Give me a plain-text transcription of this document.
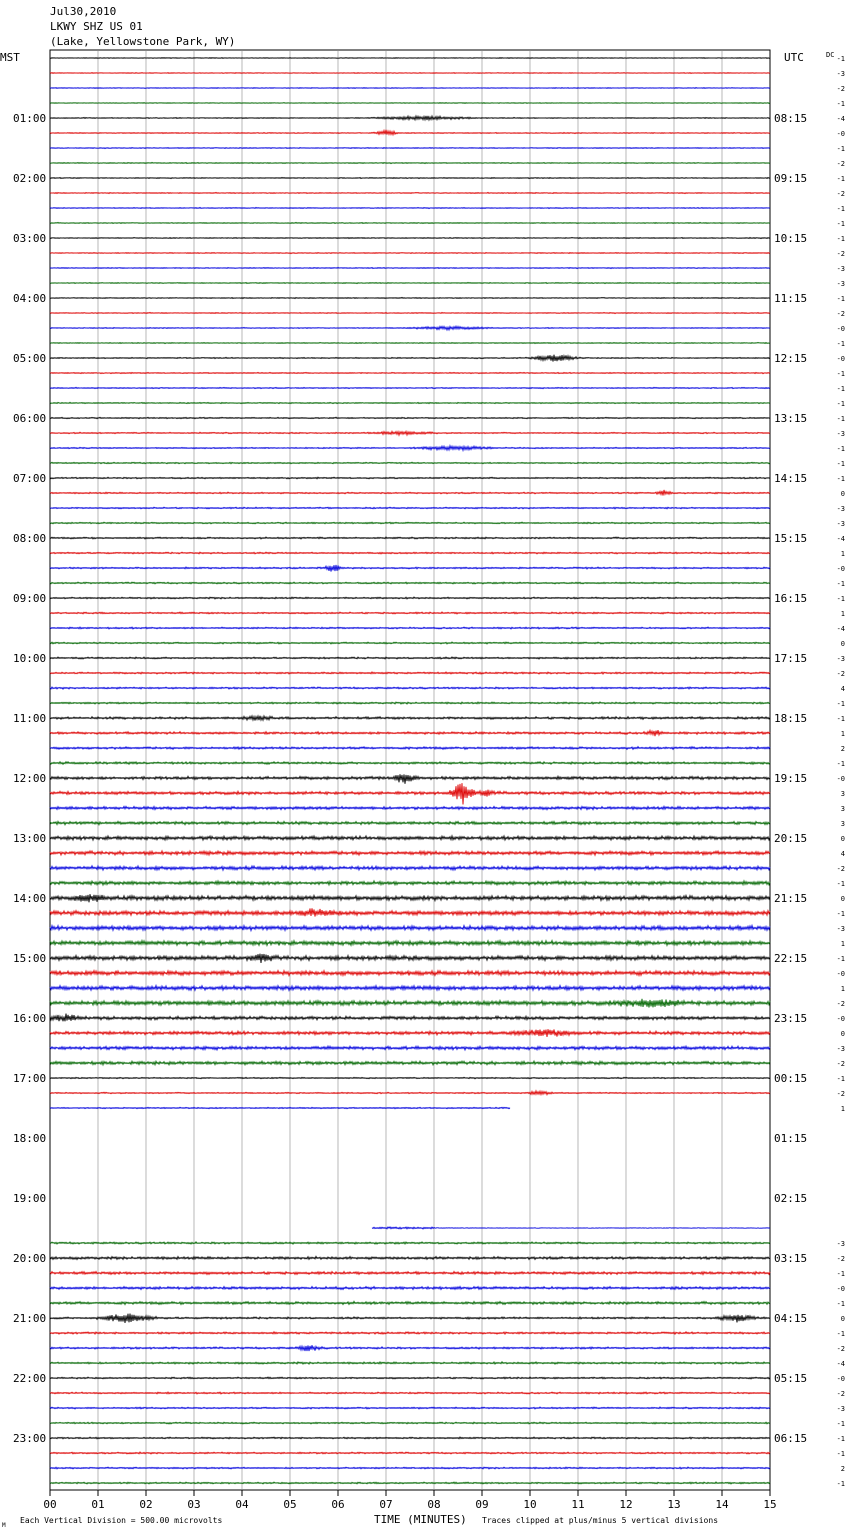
Jul30,2010
LKWY SHZ US 01
(Lake, Yellowstone Park, WY)
00	01	02	03	04	05	06	07	08	09	10	11	12	13	14	15
-1
-3
-2
-1
-4
-0
-1
-2
-1
-2
-1
-1
-1
-2
-3
-3
-1
-2
-0
-1
-0
-1
-1
-1
-1
-3
-1
-1
-1
0
-3
-3
-4
1
-0
-1
-1
1
-4
0
-3
-2
4
-1
-1
1
2
-1
-0
3
3
3
0
4
-2
-1
0
-1
-3
1
-1
-0
1
-2
-0
0
-3
-2
-1
-2
1
-3
-2
-1
-0
-1
0
-1
-2
-4
-0
-2
-3
-1
-1
-1
2
-1
01:00	08:15
02:00	09:15
03:00	10:15
04:00	11:15
05:00	12:15
06:00	13:15
07:00	14:15
08:00	15:15
09:00	16:15
10:00	17:15
11:00	18:15
12:00	19:15
13:00	20:15
14:00	21:15
15:00	22:15
16:00	23:15
17:00	00:15
18:00	01:15
19:00	02:15
20:00	03:15
21:00	04:15
22:00	05:15
23:00	06:15
MST	UTC	DC
M
Each Vertical Division = 500.00 microvolts	TIME (MINUTES) Traces clipped at plus/minus 5 vertical divisions
